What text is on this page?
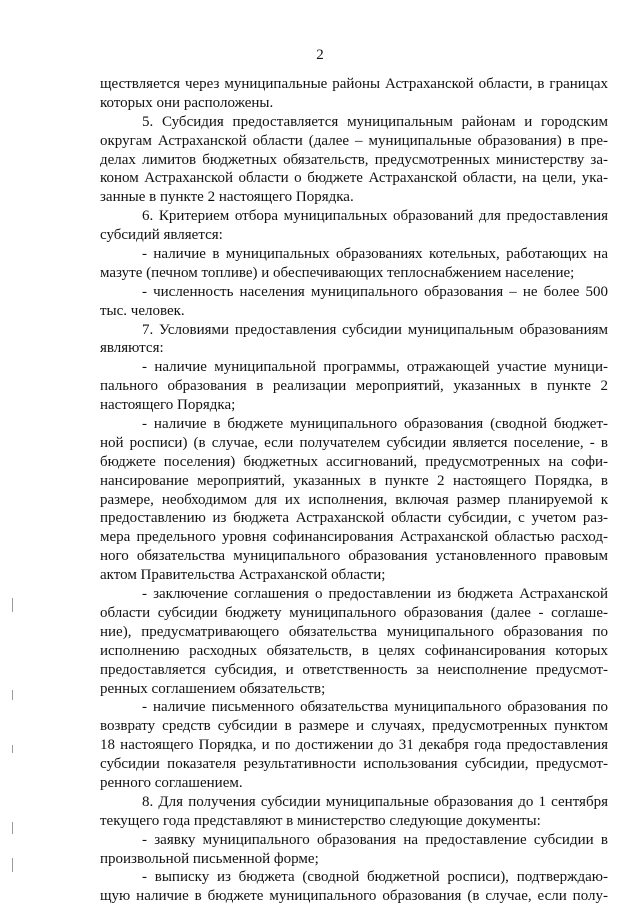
2
ществляется через муниципальные районы Астраханской области, в границах
которых они расположены.
5. Субсидия предоставляется муниципальным районам и городским
округам Астраханской области (далее – муниципальные образования) в пре-
делах лимитов бюджетных обязательств, предусмотренных министерству за-
коном Астраханской области о бюджете Астраханской области, на цели, ука-
занные в пункте 2 настоящего Порядка.
6. Критерием отбора муниципальных образований для предоставления
субсидий является:
- наличие в муниципальных образованиях котельных, работающих на
мазуте (печном топливе) и обеспечивающих теплоснабжением население;
- численность населения муниципального образования – не более 500
тыс. человек.
7. Условиями предоставления субсидии муниципальным образованиям
являются:
- наличие муниципальной программы, отражающей участие муници-
пального образования в реализации мероприятий, указанных в пункте 2
настоящего Порядка;
- наличие в бюджете муниципального образования (сводной бюджет-
ной росписи) (в случае, если получателем субсидии является поселение, - в
бюджете поселения) бюджетных ассигнований, предусмотренных на софи-
нансирование мероприятий, указанных в пункте 2 настоящего Порядка, в
размере, необходимом для их исполнения, включая размер планируемой к
предоставлению из бюджета Астраханской области субсидии, с учетом раз-
мера предельного уровня софинансирования Астраханской областью расход-
ного обязательства муниципального образования установленного правовым
актом Правительства Астраханской области;
- заключение соглашения о предоставлении из бюджета Астраханской
области субсидии бюджету муниципального образования (далее - соглаше-
ние), предусматривающего обязательства муниципального образования по
исполнению расходных обязательств, в целях софинансирования которых
предоставляется субсидия, и ответственность за неисполнение предусмот-
ренных соглашением обязательств;
- наличие письменного обязательства муниципального образования по
возврату средств субсидии в размере и случаях, предусмотренных пунктом
18 настоящего Порядка, и по достижении до 31 декабря года предоставления
субсидии показателя результативности использования субсидии, предусмот-
ренного соглашением.
8. Для получения субсидии муниципальные образования до 1 сентября
текущего года представляют в министерство следующие документы:
- заявку муниципального образования на предоставление субсидии в
произвольной письменной форме;
- выписку из бюджета (сводной бюджетной росписи), подтверждаю-
щую наличие в бюджете муниципального образования (в случае, если полу-
